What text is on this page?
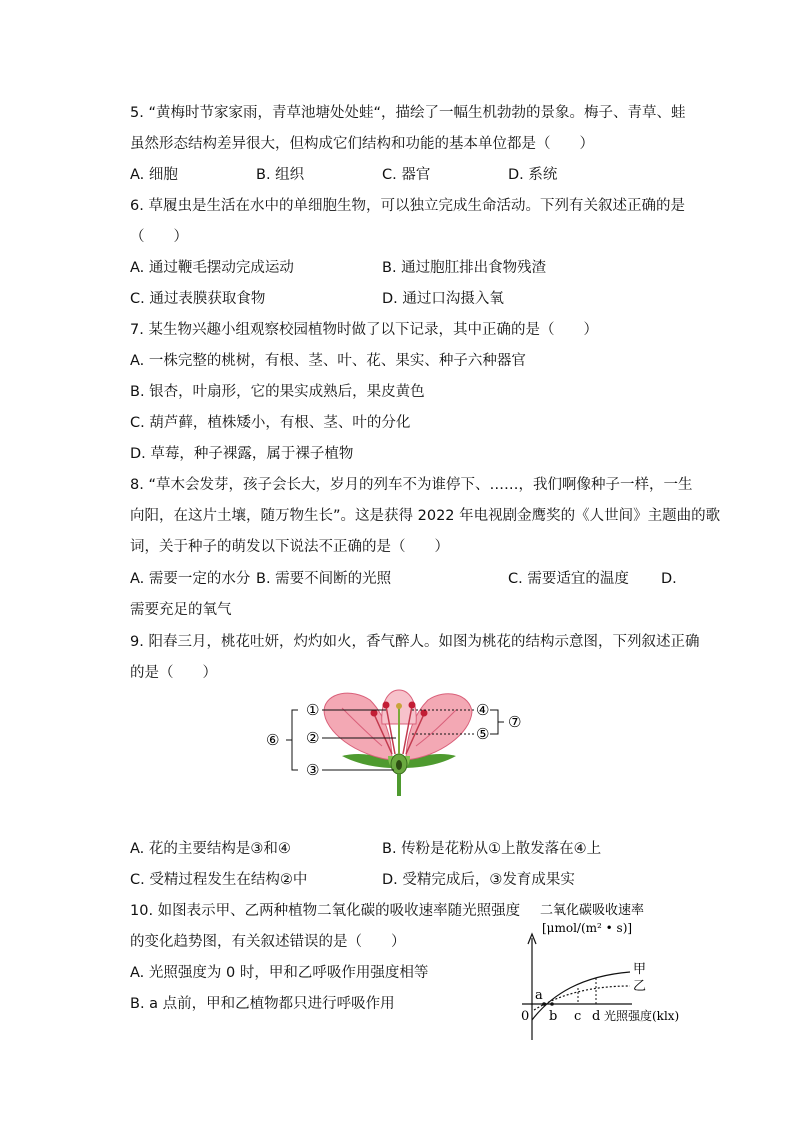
5. “黄梅时节家家雨，青草池塘处处蛙“，描绘了一幅生机勃勃的景象。梅子、青草、蛙
虽然形态结构差异很大，但构成它们结构和功能的基本单位都是（　　）
A. 细胞	B. 组织	C. 器官	D. 系统
6. 草履虫是生活在水中的单细胞生物，可以独立完成生命活动。下列有关叙述正确的是
（　　）
A. 通过鞭毛摆动完成运动	B. 通过胞肛排出食物残渣
C. 通过表膜获取食物	D. 通过口沟摄入氧
7. 某生物兴趣小组观察校园植物时做了以下记录，其中正确的是（　　）
A. 一株完整的桃树，有根、茎、叶、花、果实、种子六种器官
B. 银杏，叶扇形，它的果实成熟后，果皮黄色
C. 葫芦藓，植株矮小，有根、茎、叶的分化
D. 草莓，种子裸露，属于裸子植物
8. “草木会发芽，孩子会长大，岁月的列车不为谁停下、……，我们啊像种子一样，一生
向阳，在这片土壤，随万物生长”。这是获得 2022 年电视剧金鹰奖的《人世间》主题曲的歌
词，关于种子的萌发以下说法不正确的是（　　）
A. 需要一定的水分 B. 需要不间断的光照	C. 需要适宜的温度 D.
需要充足的氧气
9. 阳春三月，桃花吐妍，灼灼如火，香气醉人。如图为桃花的结构示意图，下列叙述正确
的是（　　）
①
②
③
④
⑤
⑥
⑦
A. 花的主要结构是③和④	B. 传粉是花粉从①上散发落在④上
C. 受精过程发生在结构②中	D. 受精完成后，③发育成果实
10. 如图表示甲、乙两种植物二氧化碳的吸收速率随光照强度
的变化趋势图，有关叙述错误的是（　　）
A. 光照强度为 0 时，甲和乙呼吸作用强度相等
B. a 点前，甲和乙植物都只进行呼吸作用
二氧化碳吸收速率
[μmol/(m² • s)]
甲
乙
0
a
b c d 光照强度(klx)
